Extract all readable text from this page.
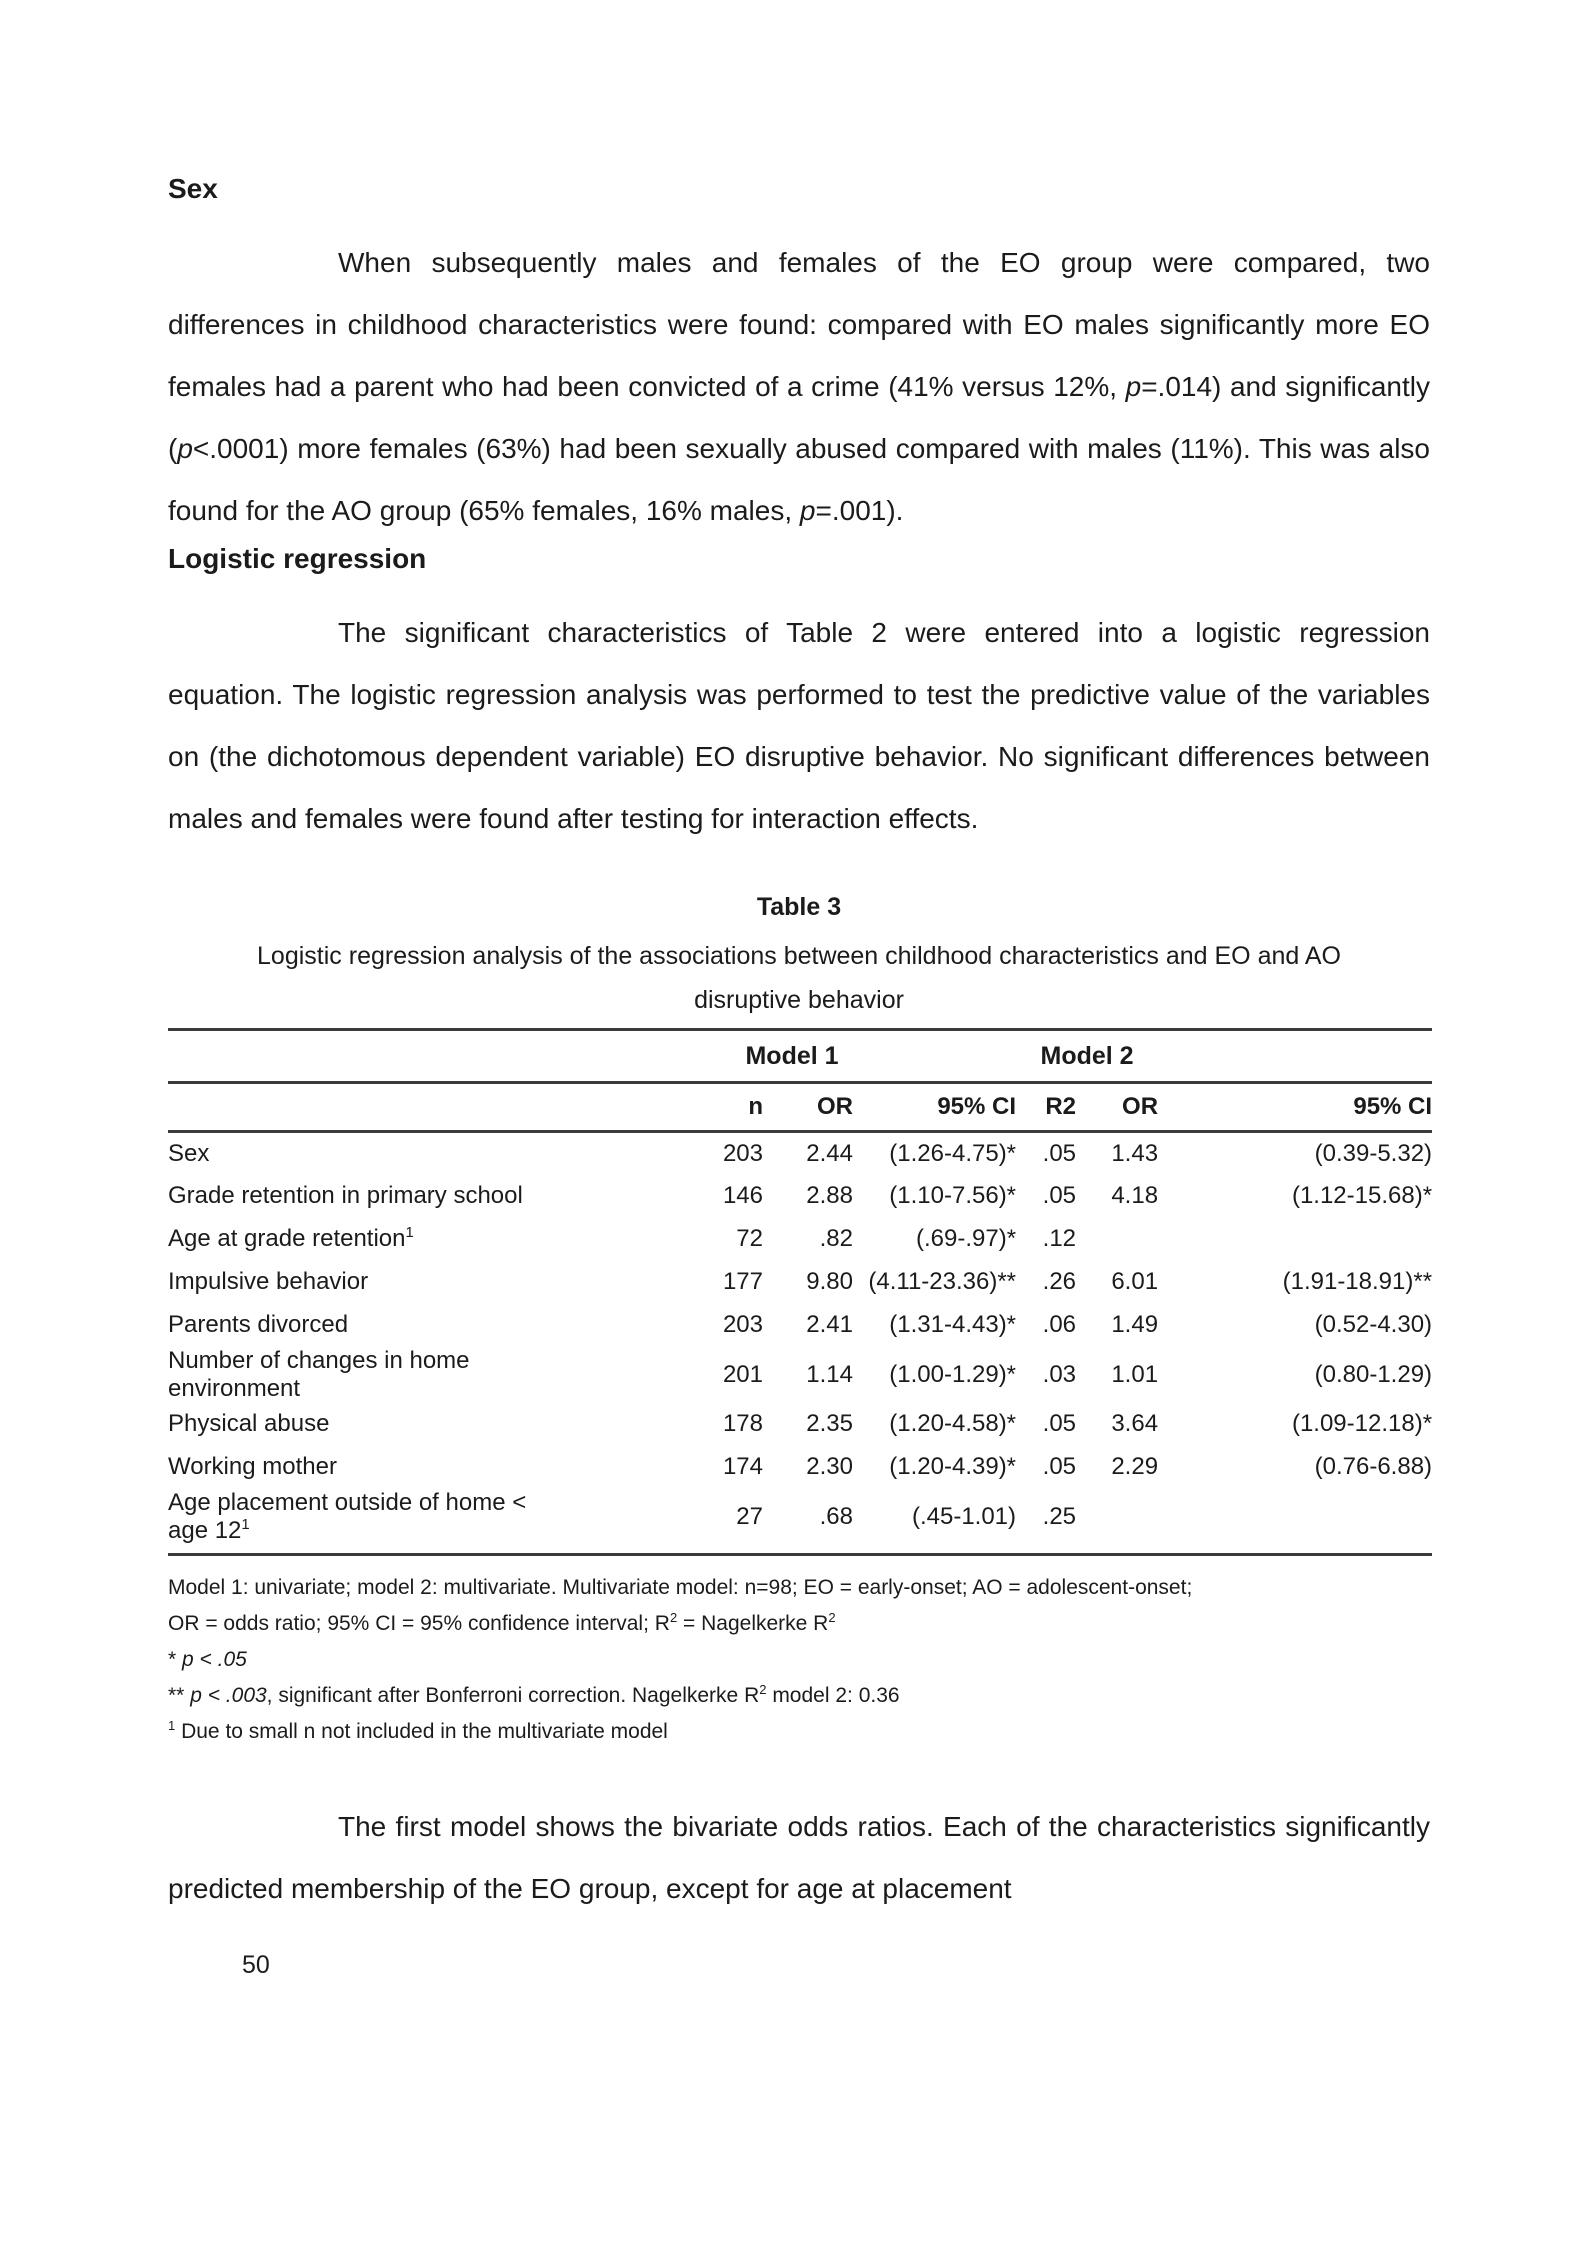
Sex

When subsequently males and females of the EO group were compared, two differences in childhood characteristics were found: compared with EO males significantly more EO females had a parent who had been convicted of a crime (41% versus 12%, p=.014) and significantly (p<.0001) more females (63%) had been sexually abused compared with males (11%). This was also found for the AO group (65% females, 16% males, p=.001).

Logistic regression

The significant characteristics of Table 2 were entered into a logistic regression equation. The logistic regression analysis was performed to test the predictive value of the variables on (the dichotomous dependent variable) EO disruptive behavior. No significant differences between males and females were found after testing for interaction effects.

Table 3
Logistic regression analysis of the associations between childhood characteristics and EO and AO
disruptive behavior
	Model 1			Model 2		
	n	OR	95% CI	R2	OR	95% CI
Sex	203	2.44	(1.26-4.75)*	.05	1.43	(0.39-5.32)
Grade retention in primary school	146	2.88	(1.10-7.56)*	.05	4.18	(1.12-15.68)*
Age at grade retention$^1$	72	.82	(.69-.97)*	.12		
Impulsive behavior	177	9.80	(4.11-23.36)**	.26	6.01	(1.91-18.91)**
Parents divorced	203	2.41	(1.31-4.43)*	.06	1.49	(0.52-4.30)
Number of changes in home environment	201	1.14	(1.00-1.29)*	.03	1.01	(0.80-1.29)
Physical abuse	178	2.35	(1.20-4.58)*	.05	3.64	(1.09-12.18)*
Working mother	174	2.30	(1.20-4.39)*	.05	2.29	(0.76-6.88)
Age placement outside of home < age $12^1$	27	.68	(.45-1.01)	.25		
Model 1: univariate; model 2: multivariate. Multivariate model: n=98; EO = early-onset; AO = adolescent-onset;
OR = odds ratio; 95% CI = 95% confidence interval; $R^2$ = Nagelkerke $R^2$
* p < .05
** p < .003, significant after Bonferroni correction. Nagelkerke $R^2$ model 2: 0.36
$^1$ Due to small n not included in the multivariate model

The first model shows the bivariate odds ratios. Each of the characteristics significantly predicted membership of the EO group, except for age at placement

50
